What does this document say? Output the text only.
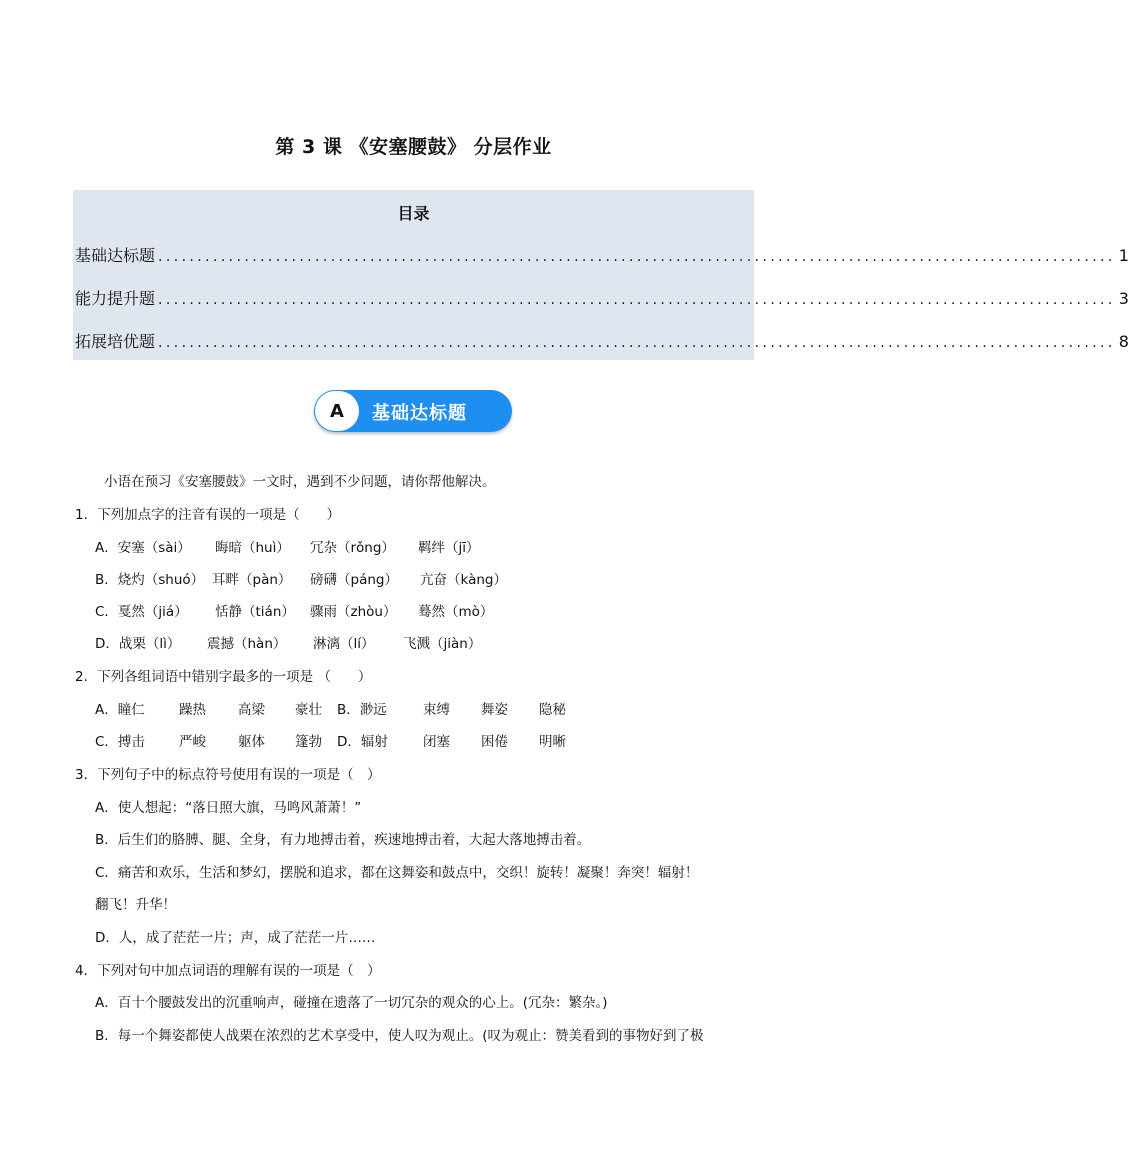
第 3 课 《安塞腰鼓》 分层作业
目录
基础达标题 .......................................................................................................................... 1
能力提升题 .......................................................................................................................... 3
拓展培优题 .......................................................................................................................... 8
A	基础达标题
小语在预习《安塞腰鼓》一文时，遇到不少问题，请你帮他解决。
1．下列加点字的注音有误的一项是（　　）
A．安塞（sài）	晦暗（huì）	冗杂（rǒng）	羁绊（jī）
B．烧灼（shuó） 耳畔（pàn）	磅礴（páng）	亢奋（kàng）
C．戛然（jiá）	恬静（tián）	骤雨（zhòu）	蓦然（mò）
D．战栗（lì）	震撼（hàn）	淋漓（lí）	飞溅（jiàn）
2．下列各组词语中错别字最多的一项是 （　　）
A．瞳仁	躁热	高梁	豪壮	B．渺远	束缚	舞姿	隐秘
C．搏击	严峻	躯体	篷勃	D．辐射	闭塞	困倦	明晰
3．下列句子中的标点符号使用有误的一项是（　）
A．使人想起：“落日照大旗，马鸣风萧萧！”
B．后生们的胳膊、腿、全身，有力地搏击着，疾速地搏击着，大起大落地搏击着。
C．痛苦和欢乐，生活和梦幻，摆脱和追求，都在这舞姿和鼓点中，交织！旋转！凝聚！奔突！辐射！
翻飞！升华！
D．人，成了茫茫一片；声，成了茫茫一片……
4．下列对句中加点词语的理解有误的一项是（　）
A．百十个腰鼓发出的沉重响声，碰撞在遗落了一切冗杂的观众的心上。(冗杂：繁杂。)
B．每一个舞姿都使人战栗在浓烈的艺术享受中，使人叹为观止。(叹为观止：赞美看到的事物好到了极
